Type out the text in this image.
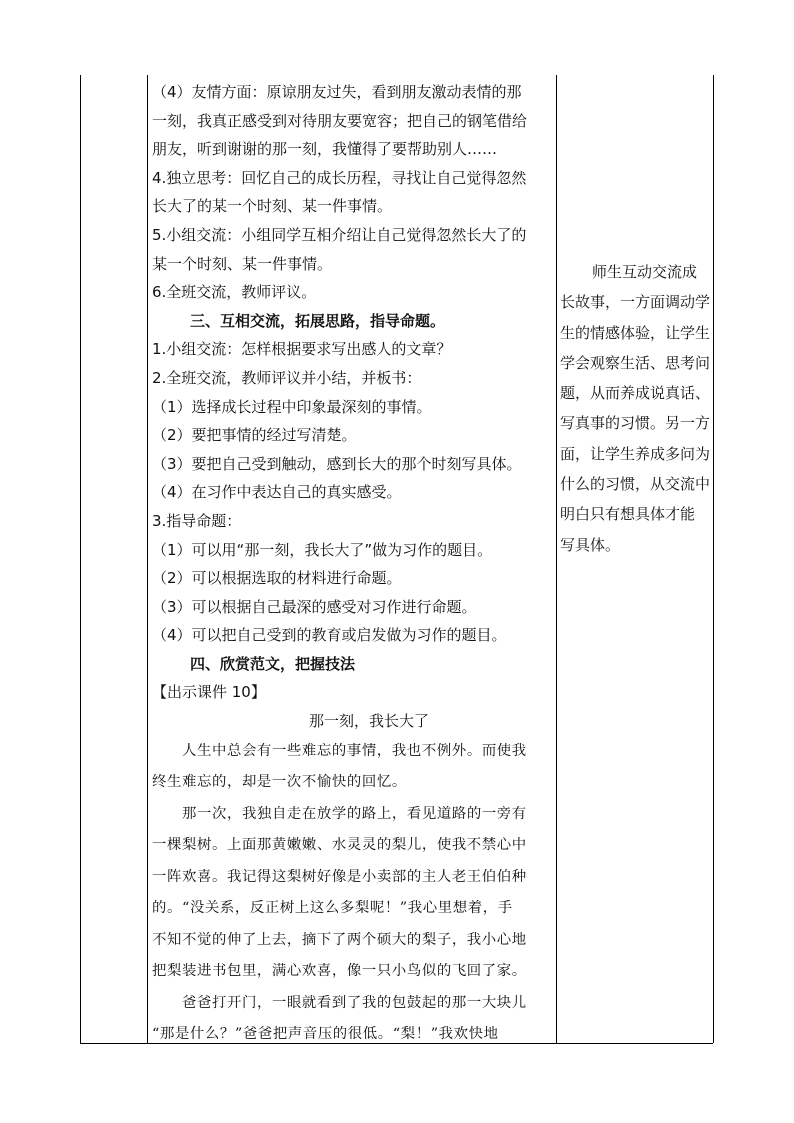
（4）友情方面：原谅朋友过失，看到朋友激动表情的那
一刻，我真正感受到对待朋友要宽容；把自己的钢笔借给
朋友，听到谢谢的那一刻，我懂得了要帮助别人……
4.独立思考：回忆自己的成长历程，寻找让自己觉得忽然
长大了的某一个时刻、某一件事情。
5.小组交流：小组同学互相介绍让自己觉得忽然长大了的
某一个时刻、某一件事情。
6.全班交流，教师评议。
三、互相交流，拓展思路，指导命题。
1.小组交流：怎样根据要求写出感人的文章？
2.全班交流，教师评议并小结，并板书：
（1）选择成长过程中印象最深刻的事情。
（2）要把事情的经过写清楚。
（3）要把自己受到触动，感到长大的那个时刻写具体。
（4）在习作中表达自己的真实感受。
3.指导命题：
（1）可以用“那一刻，我长大了”做为习作的题目。
（2）可以根据选取的材料进行命题。
（3）可以根据自己最深的感受对习作进行命题。
（4）可以把自己受到的教育或启发做为习作的题目。
四、欣赏范文，把握技法
【出示课件 10】
那一刻，我长大了
人生中总会有一些难忘的事情，我也不例外。而使我
终生难忘的，却是一次不愉快的回忆。
那一次，我独自走在放学的路上，看见道路的一旁有
一棵梨树。上面那黄嫩嫩、水灵灵的梨儿，使我不禁心中
一阵欢喜。我记得这梨树好像是小卖部的主人老王伯伯种
的。“没关系，反正树上这么多梨呢！”我心里想着，手
不知不觉的伸了上去，摘下了两个硕大的梨子，我小心地
把梨装进书包里，满心欢喜，像一只小鸟似的飞回了家。
爸爸打开门，一眼就看到了我的包鼓起的那一大块儿
“那是什么？”爸爸把声音压的很低。“梨！”我欢快地
师生互动交流成
长故事，一方面调动学
生的情感体验，让学生
学会观察生活、思考问
题，从而养成说真话、
写真事的习惯。另一方
面，让学生养成多问为
什么的习惯，从交流中
明白只有想具体才能
写具体。
